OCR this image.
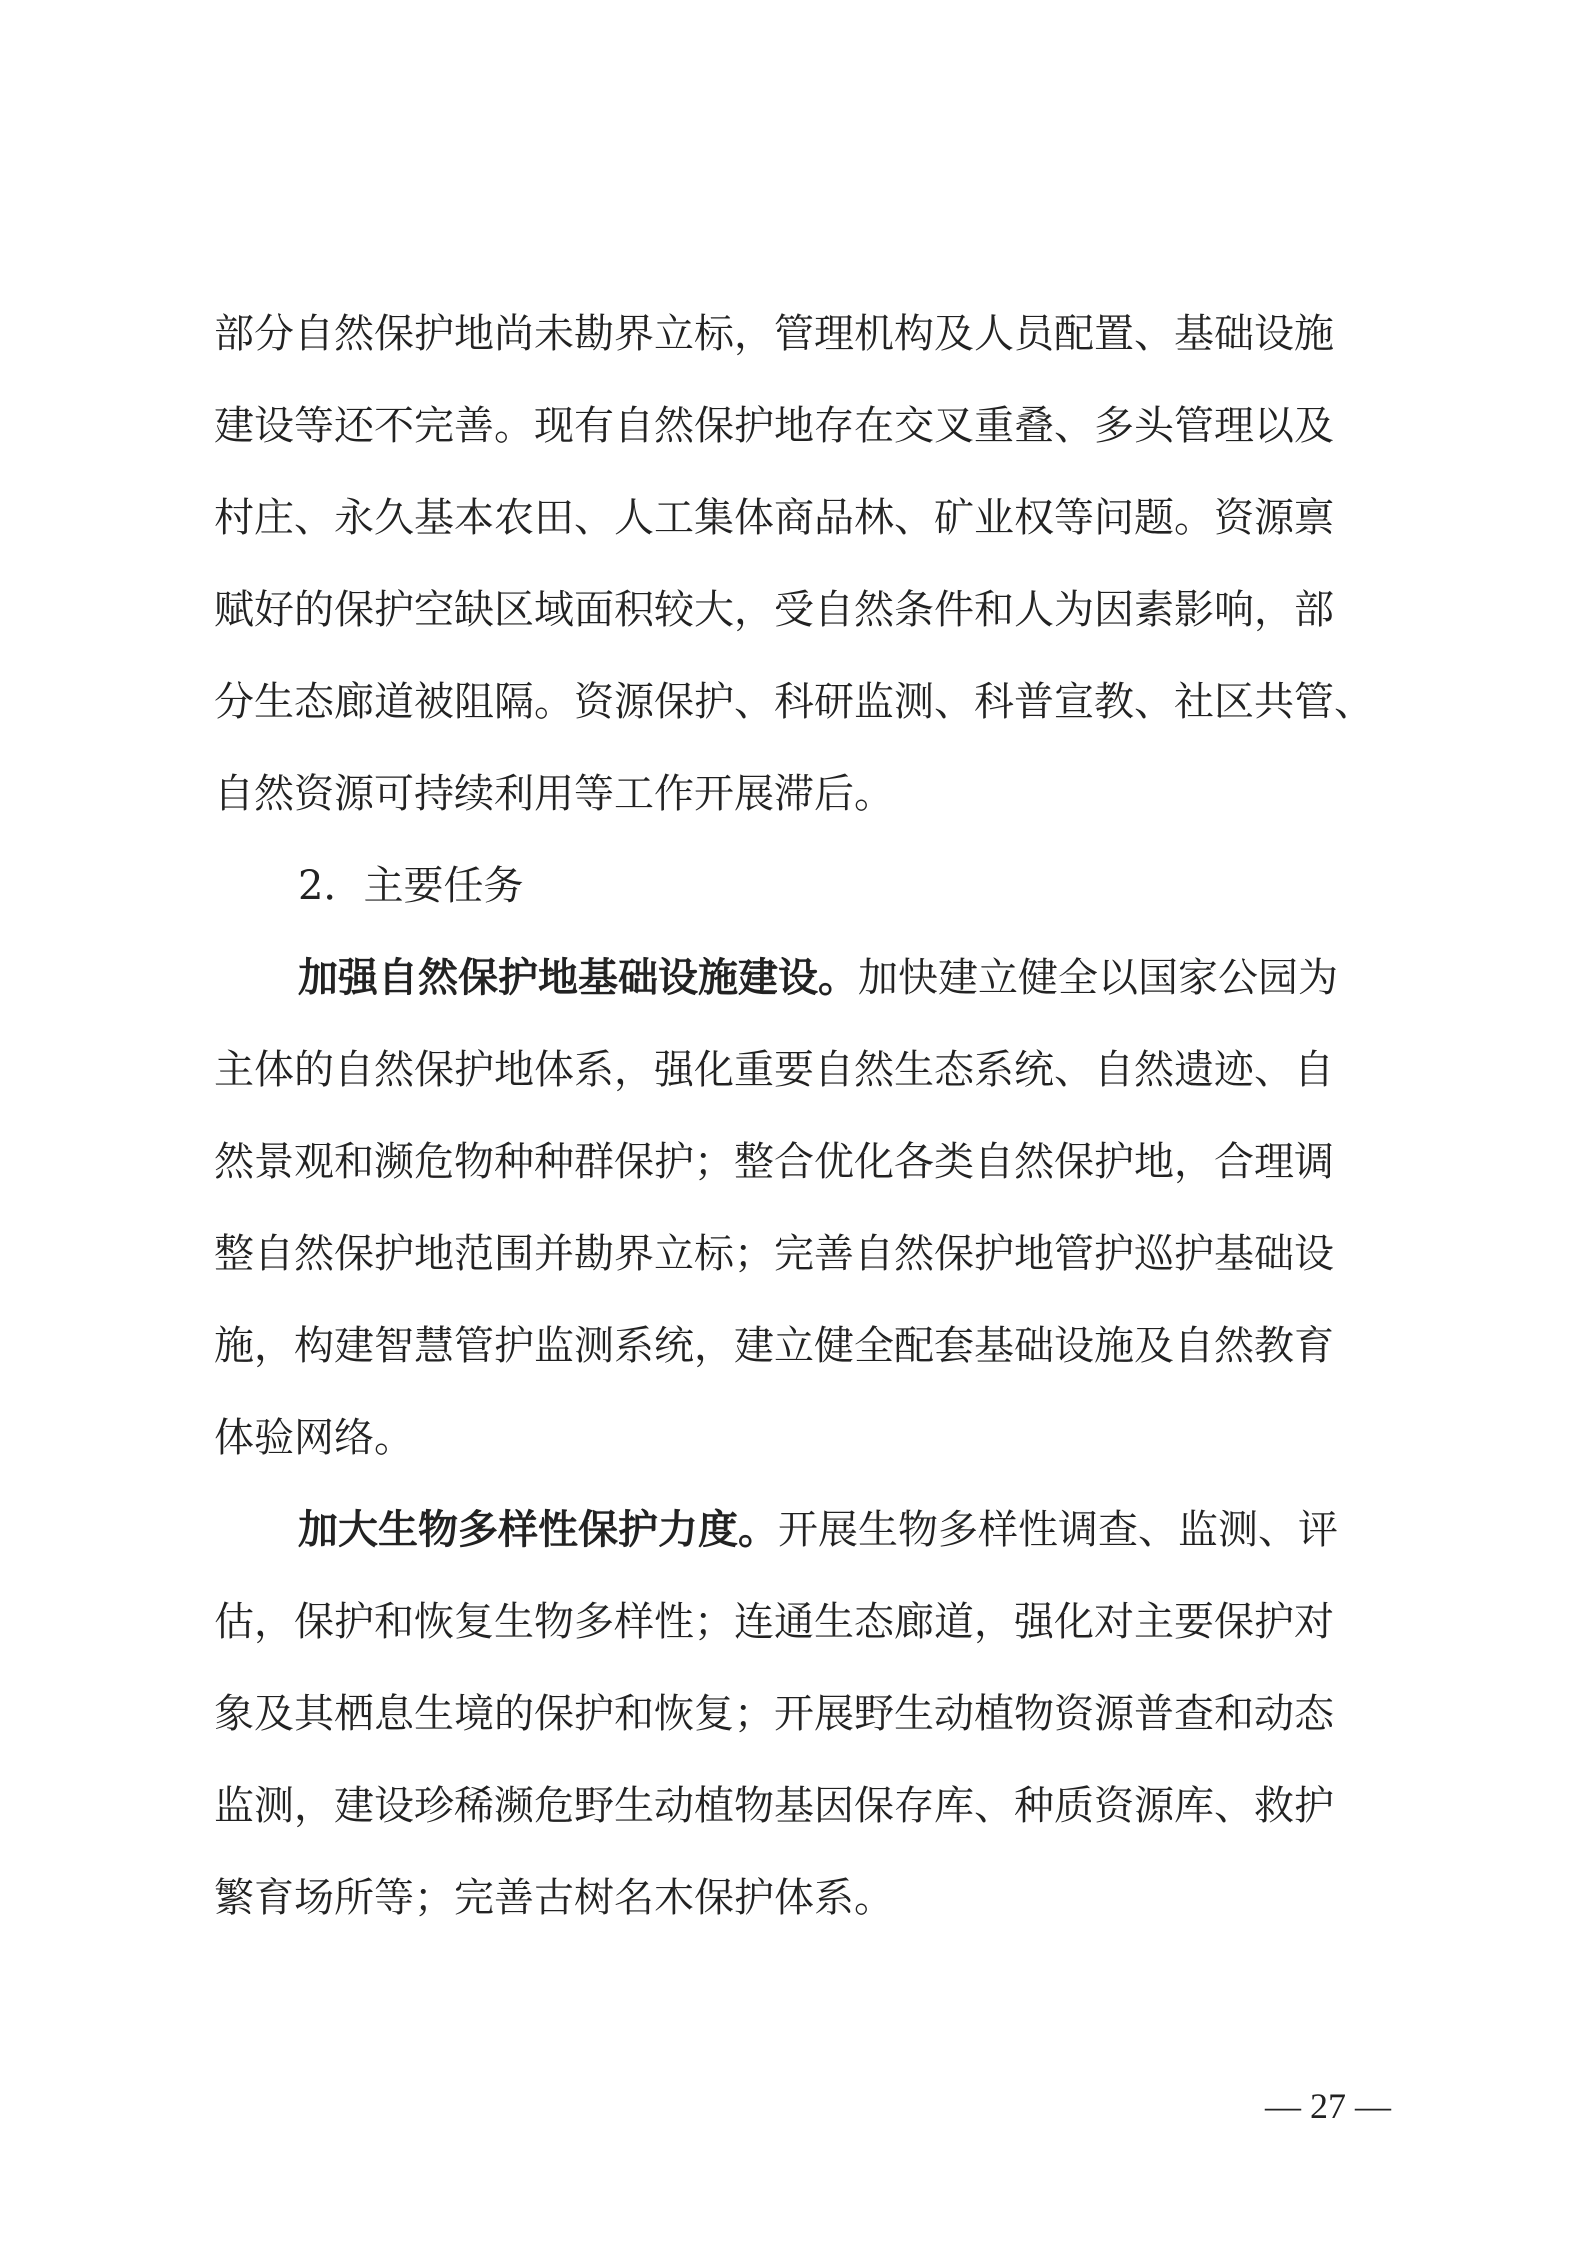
部分自然保护地尚未勘界立标，管理机构及人员配置、基础设施
建设等还不完善。现有自然保护地存在交叉重叠、多头管理以及
村庄、永久基本农田、人工集体商品林、矿业权等问题。资源禀
赋好的保护空缺区域面积较大，受自然条件和人为因素影响，部
分生态廊道被阻隔。资源保护、科研监测、科普宣教、社区共管、
自然资源可持续利用等工作开展滞后。
2．主要任务
加强自然保护地基础设施建设。加快建立健全以国家公园为
主体的自然保护地体系，强化重要自然生态系统、自然遗迹、自
然景观和濒危物种种群保护；整合优化各类自然保护地，合理调
整自然保护地范围并勘界立标；完善自然保护地管护巡护基础设
施，构建智慧管护监测系统，建立健全配套基础设施及自然教育
体验网络。
加大生物多样性保护力度。开展生物多样性调查、监测、评
估，保护和恢复生物多样性；连通生态廊道，强化对主要保护对
象及其栖息生境的保护和恢复；开展野生动植物资源普查和动态
监测，建设珍稀濒危野生动植物基因保存库、种质资源库、救护
繁育场所等；完善古树名木保护体系。
— 27 —
